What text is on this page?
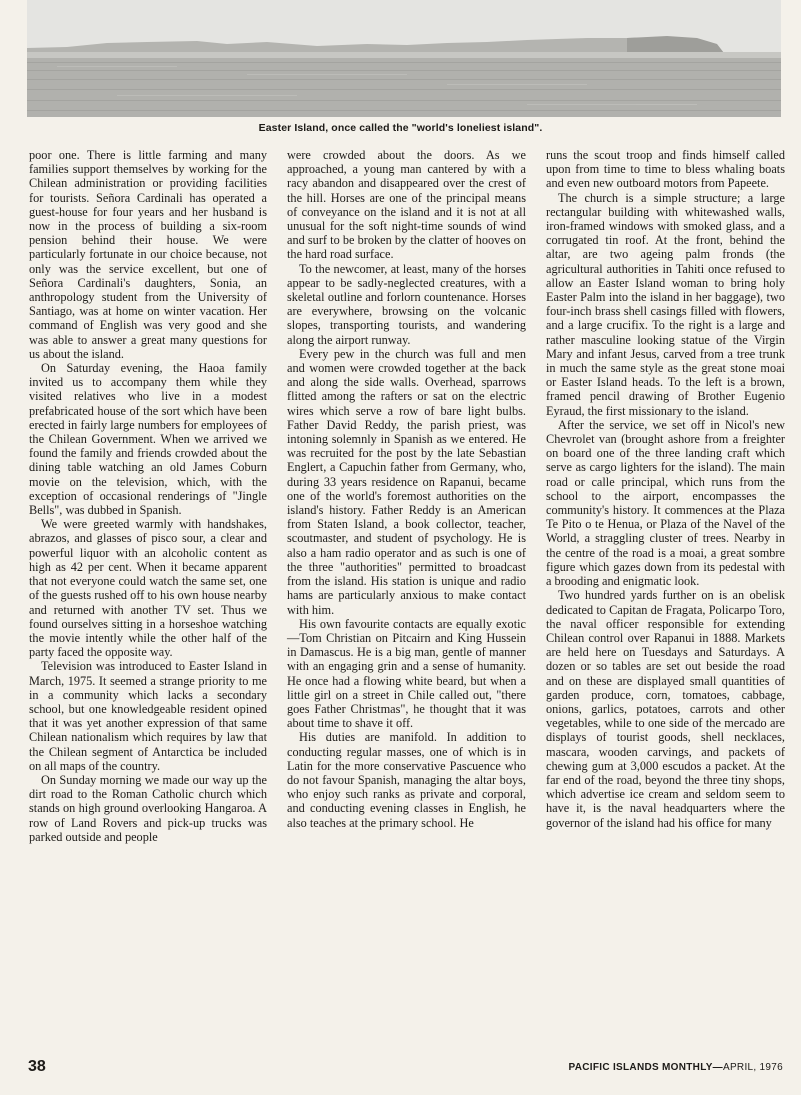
Easter Island, once called the "world's loneliest island".

poor one. There is little farming and many families support themselves by working for the Chilean administration or providing facilities for tourists. Señora Cardinali has operated a guest-house for four years and her husband is now in the process of building a six-room pension behind their house. We were particularly fortunate in our choice because, not only was the service excellent, but one of Señora Cardinali's daughters, Sonia, an anthropology student from the University of Santiago, was at home on winter vacation. Her command of English was very good and she was able to answer a great many questions for us about the island.

On Saturday evening, the Haoa family invited us to accompany them while they visited relatives who live in a modest prefabricated house of the sort which have been erected in fairly large numbers for employees of the Chilean Government. When we arrived we found the family and friends crowded about the dining table watching an old James Coburn movie on the television, which, with the exception of occasional renderings of "Jingle Bells", was dubbed in Spanish.

We were greeted warmly with handshakes, abrazos, and glasses of pisco sour, a clear and powerful liquor with an alcoholic content as high as 42 per cent. When it became apparent that not everyone could watch the same set, one of the guests rushed off to his own house nearby and returned with another TV set. Thus we found ourselves sitting in a horseshoe watching the movie intently while the other half of the party faced the opposite way.

Television was introduced to Easter Island in March, 1975. It seemed a strange priority to me in a community which lacks a secondary school, but one knowledgeable resident opined that it was yet another expression of that same Chilean nationalism which requires by law that the Chilean segment of Antarctica be included on all maps of the country.

On Sunday morning we made our way up the dirt road to the Roman Catholic church which stands on high ground overlooking Hangaroa. A row of Land Rovers and pick-up trucks was parked outside and people

were crowded about the doors. As we approached, a young man cantered by with a racy abandon and disappeared over the crest of the hill. Horses are one of the principal means of conveyance on the island and it is not at all unusual for the soft night-time sounds of wind and surf to be broken by the clatter of hooves on the hard road surface.

To the newcomer, at least, many of the horses appear to be sadly-neglected creatures, with a skeletal outline and forlorn countenance. Horses are everywhere, browsing on the volcanic slopes, transporting tourists, and wandering along the airport runway.

Every pew in the church was full and men and women were crowded together at the back and along the side walls. Overhead, sparrows flitted among the rafters or sat on the electric wires which serve a row of bare light bulbs. Father David Reddy, the parish priest, was intoning solemnly in Spanish as we entered. He was recruited for the post by the late Sebastian Englert, a Capuchin father from Germany, who, during 33 years residence on Rapanui, became one of the world's foremost authorities on the island's history. Father Reddy is an American from Staten Island, a book collector, teacher, scoutmaster, and student of psychology. He is also a ham radio operator and as such is one of the three "authorities" permitted to broadcast from the island. His station is unique and radio hams are particularly anxious to make contact with him.

His own favourite contacts are equally exotic—Tom Christian on Pitcairn and King Hussein in Damascus. He is a big man, gentle of manner with an engaging grin and a sense of humanity. He once had a flowing white beard, but when a little girl on a street in Chile called out, "there goes Father Christmas", he thought that it was about time to shave it off.

His duties are manifold. In addition to conducting regular masses, one of which is in Latin for the more conservative Pascuence who do not favour Spanish, managing the altar boys, who enjoy such ranks as private and corporal, and conducting evening classes in English, he also teaches at the primary school. He

runs the scout troop and finds himself called upon from time to time to bless whaling boats and even new outboard motors from Papeete.

The church is a simple structure; a large rectangular building with whitewashed walls, iron-framed windows with smoked glass, and a corrugated tin roof. At the front, behind the altar, are two ageing palm fronds (the agricultural authorities in Tahiti once refused to allow an Easter Island woman to bring holy Easter Palm into the island in her baggage), two four-inch brass shell casings filled with flowers, and a large crucifix. To the right is a large and rather masculine looking statue of the Virgin Mary and infant Jesus, carved from a tree trunk in much the same style as the great stone moai or Easter Island heads. To the left is a brown, framed pencil drawing of Brother Eugenio Eyraud, the first missionary to the island.

After the service, we set off in Nicol's new Chevrolet van (brought ashore from a freighter on board one of the three landing craft which serve as cargo lighters for the island). The main road or calle principal, which runs from the school to the airport, encompasses the community's history. It commences at the Plaza Te Pito o te Henua, or Plaza of the Navel of the World, a straggling cluster of trees. Nearby in the centre of the road is a moai, a great sombre figure which gazes down from its pedestal with a brooding and enigmatic look.

Two hundred yards further on is an obelisk dedicated to Capitan de Fragata, Policarpo Toro, the naval officer responsible for extending Chilean control over Rapanui in 1888. Markets are held here on Tuesdays and Saturdays. A dozen or so tables are set out beside the road and on these are displayed small quantities of garden produce, corn, tomatoes, cabbage, onions, garlics, potatoes, carrots and other vegetables, while to one side of the mercado are displays of tourist goods, shell necklaces, mascara, wooden carvings, and packets of chewing gum at 3,000 escudos a packet. At the far end of the road, beyond the three tiny shops, which advertise ice cream and seldom seem to have it, is the naval headquarters where the governor of the island had his office for many

38	PACIFIC ISLANDS MONTHLY—APRIL, 1976
